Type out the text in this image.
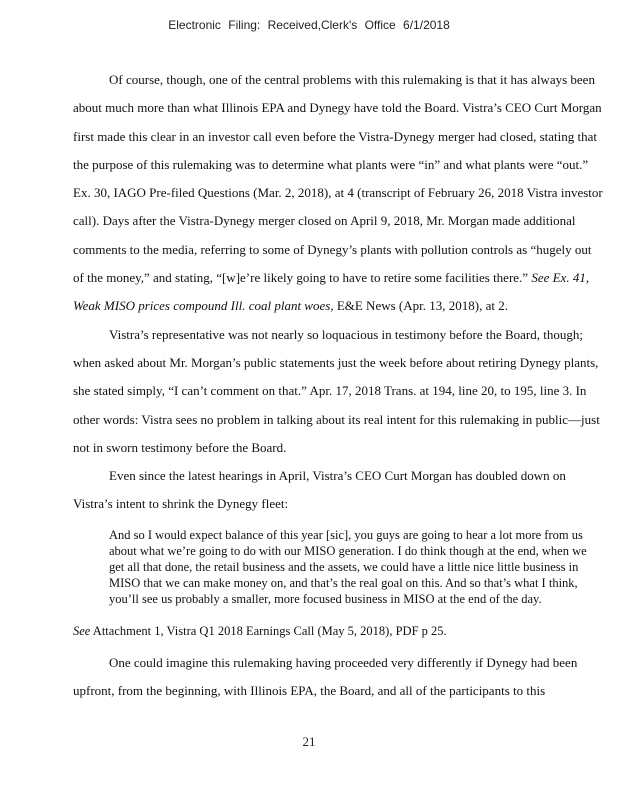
Electronic Filing: Received,Clerk's Office 6/1/2018

Of course, though, one of the central problems with this rulemaking is that it has always been about much more than what Illinois EPA and Dynegy have told the Board. Vistra’s CEO Curt Morgan first made this clear in an investor call even before the Vistra-Dynegy merger had closed, stating that the purpose of this rulemaking was to determine what plants were “in” and what plants were “out.” Ex. 30, IAGO Pre-filed Questions (Mar. 2, 2018), at 4 (transcript of February 26, 2018 Vistra investor call). Days after the Vistra-Dynegy merger closed on April 9, 2018, Mr. Morgan made additional comments to the media, referring to some of Dynegy’s plants with pollution controls as “hugely out of the money,” and stating, “[w]e’re likely going to have to retire some facilities there.” See Ex. 41, Weak MISO prices compound Ill. coal plant woes, E&E News (Apr. 13, 2018), at 2.

Vistra’s representative was not nearly so loquacious in testimony before the Board, though; when asked about Mr. Morgan’s public statements just the week before about retiring Dynegy plants, she stated simply, “I can’t comment on that.” Apr. 17, 2018 Trans. at 194, line 20, to 195, line 3. In other words: Vistra sees no problem in talking about its real intent for this rulemaking in public—just not in sworn testimony before the Board.

Even since the latest hearings in April, Vistra’s CEO Curt Morgan has doubled down on Vistra’s intent to shrink the Dynegy fleet:

And so I would expect balance of this year [sic], you guys are going to hear a lot more from us about what we’re going to do with our MISO generation. I do think though at the end, when we get all that done, the retail business and the assets, we could have a little nice little business in MISO that we can make money on, and that’s the real goal on this. And so that’s what I think, you’ll see us probably a smaller, more focused business in MISO at the end of the day.

See Attachment 1, Vistra Q1 2018 Earnings Call (May 5, 2018), PDF p 25.

One could imagine this rulemaking having proceeded very differently if Dynegy had been upfront, from the beginning, with Illinois EPA, the Board, and all of the participants to this

21
